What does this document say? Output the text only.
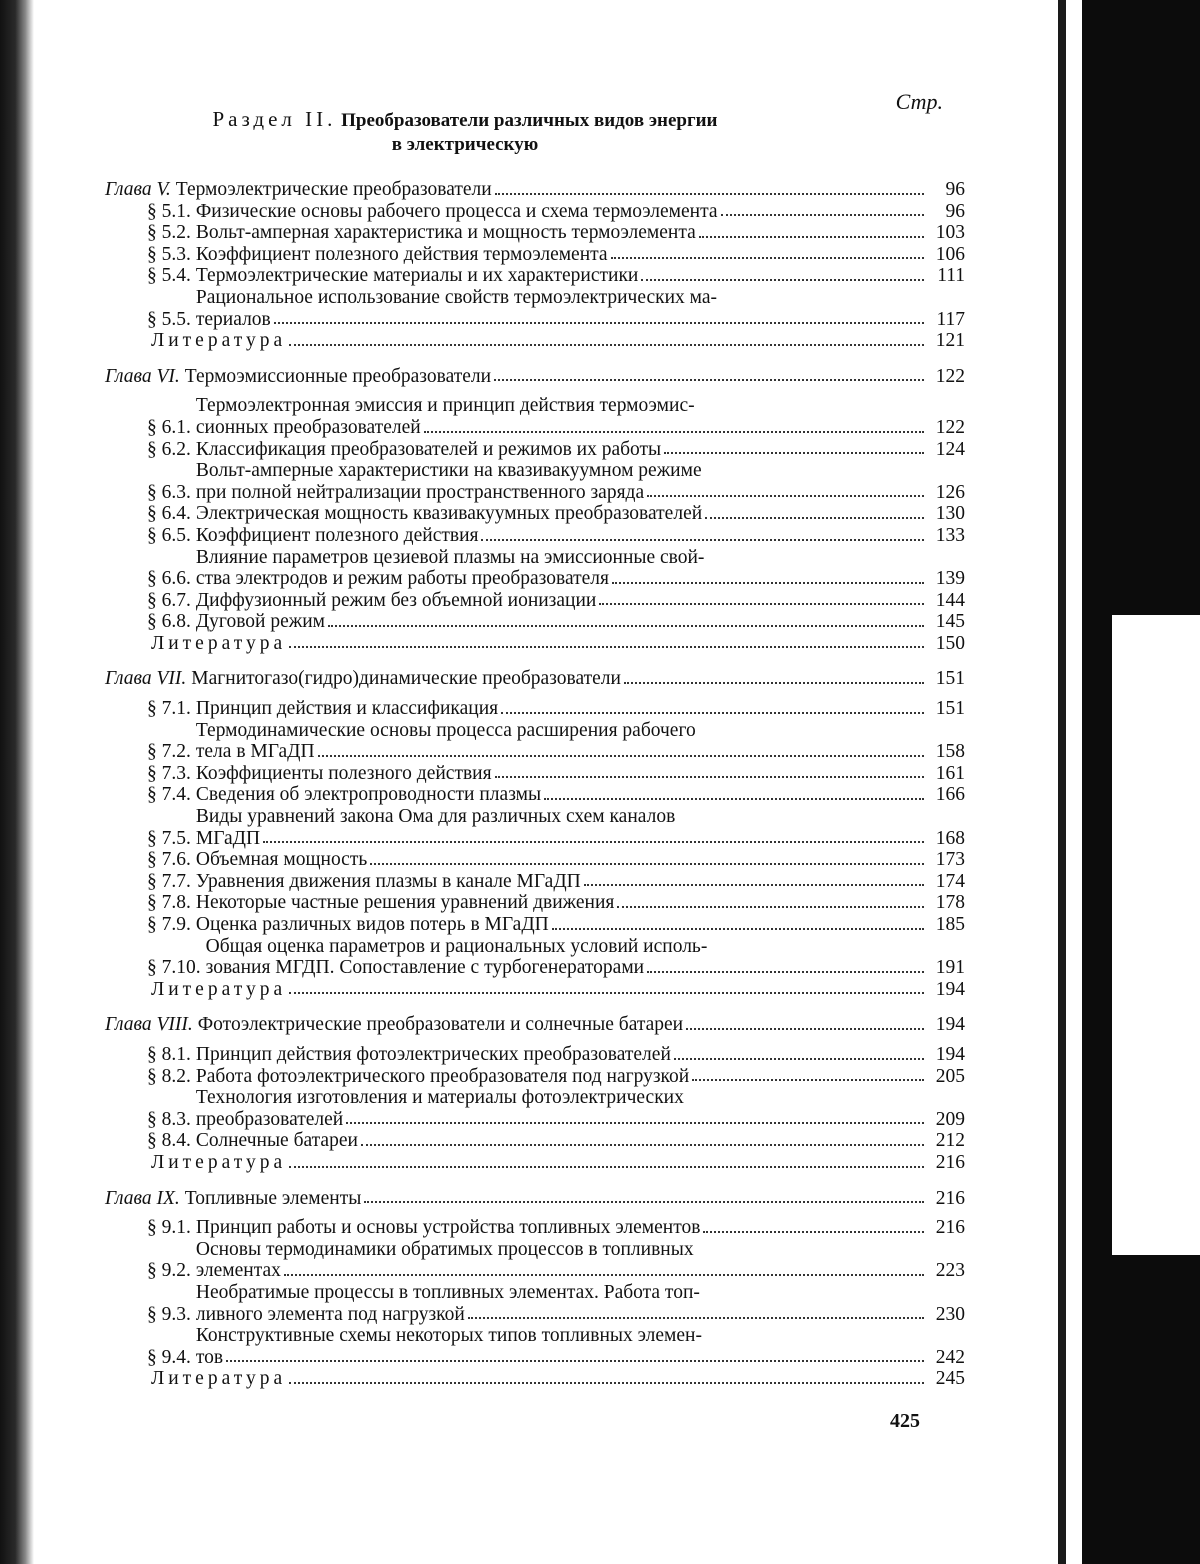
Стр.
Раздел II. Преобразователи различных видов энергии
в электрическую
Глава V. Термоэлектрические преобразователи	96
§ 5.1. Физические основы рабочего процесса и схема термоэлемента	96
§ 5.2. Вольт-амперная характеристика и мощность термоэлемента	103
§ 5.3. Коэффициент полезного действия термоэлемента	106
§ 5.4. Термоэлектрические материалы и их характеристики	111
§ 5.5.
Рациональное использование свойств термоэлектрических ма-
териалов	117
Литература	121
Глава VI. Термоэмиссионные преобразователи	122
§ 6.1.
Термоэлектронная эмиссия и принцип действия термоэмис-
сионных преобразователей	122
§ 6.2. Классификация преобразователей и режимов их работы	124
§ 6.3.
Вольт-амперные характеристики на квазивакуумном режиме
при полной нейтрализации пространственного заряда	126
§ 6.4. Электрическая мощность квазивакуумных преобразователей	130
§ 6.5. Коэффициент полезного действия	133
§ 6.6.
Влияние параметров цезиевой плазмы на эмиссионные свой-
ства электродов и режим работы преобразователя	139
§ 6.7. Диффузионный режим без объемной ионизации	144
§ 6.8. Дуговой режим	145
Литература	150
Глава VII. Магнитогазо(гидро)динамические преобразователи	151
§ 7.1. Принцип действия и классификация	151
§ 7.2.
Термодинамические основы процесса расширения рабочего
тела в МГаДП	158
§ 7.3. Коэффициенты полезного действия	161
§ 7.4. Сведения об электропроводности плазмы	166
§ 7.5.
Виды уравнений закона Ома для различных схем каналов
МГаДП	168
§ 7.6. Объемная мощность	173
§ 7.7. Уравнения движения плазмы в канале МГаДП	174
§ 7.8. Некоторые частные решения уравнений движения	178
§ 7.9. Оценка различных видов потерь в МГаДП	185
§ 7.10.
Общая оценка параметров и рациональных условий исполь-
зования МГДП. Сопоставление с турбогенераторами	191
Литература	194
Глава VIII. Фотоэлектрические преобразователи и солнечные батареи	194
§ 8.1. Принцип действия фотоэлектрических преобразователей	194
§ 8.2. Работа фотоэлектрического преобразователя под нагрузкой	205
§ 8.3.
Технология изготовления и материалы фотоэлектрических
преобразователей	209
§ 8.4. Солнечные батареи	212
Литература	216
Глава IX. Топливные элементы	216
§ 9.1. Принцип работы и основы устройства топливных элементов	216
§ 9.2.
Основы термодинамики обратимых процессов в топливных
элементах	223
§ 9.3.
Необратимые процессы в топливных элементах. Работа топ-
ливного элемента под нагрузкой	230
§ 9.4.
Конструктивные схемы некоторых типов топливных элемен-
тов	242
Литература	245
425
